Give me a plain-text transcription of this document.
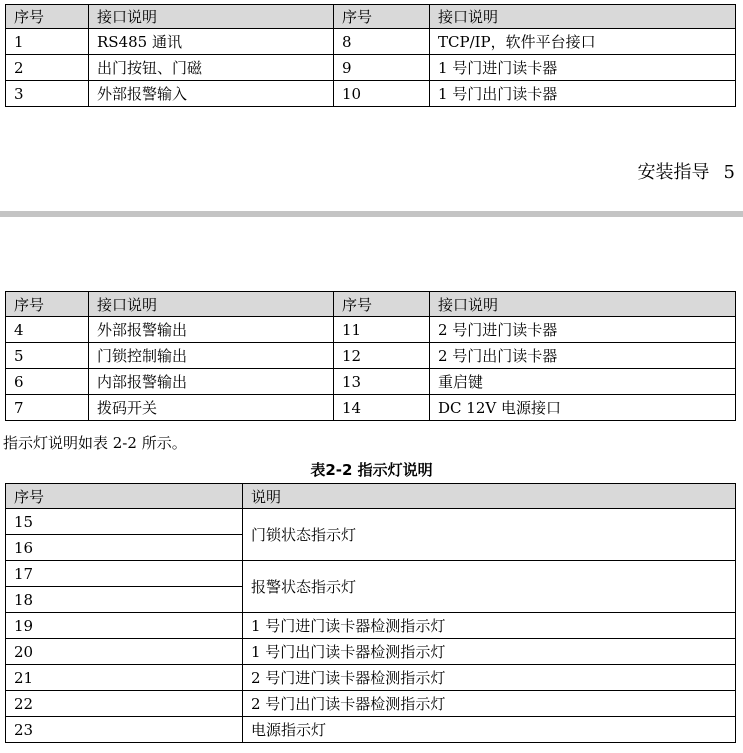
序号	接口说明	序号	接口说明
1	RS485 通讯	8	TCP/IP，软件平台接口
2	出门按钮、门磁	9	1 号门进门读卡器
3	外部报警输入	10	1 号门出门读卡器
安装指导 5
序号	接口说明	序号	接口说明
4	外部报警输出	11	2 号门进门读卡器
5	门锁控制输出	12	2 号门出门读卡器
6	内部报警输出	13	重启键
7	拨码开关	14	DC 12V 电源接口
指示灯说明如表 2-2 所示。
表2-2 指示灯说明
序号	说明
15	门锁状态指示灯
16	
17	报警状态指示灯
18	
19	1 号门进门读卡器检测指示灯
20	1 号门出门读卡器检测指示灯
21	2 号门进门读卡器检测指示灯
22	2 号门出门读卡器检测指示灯
23	电源指示灯
